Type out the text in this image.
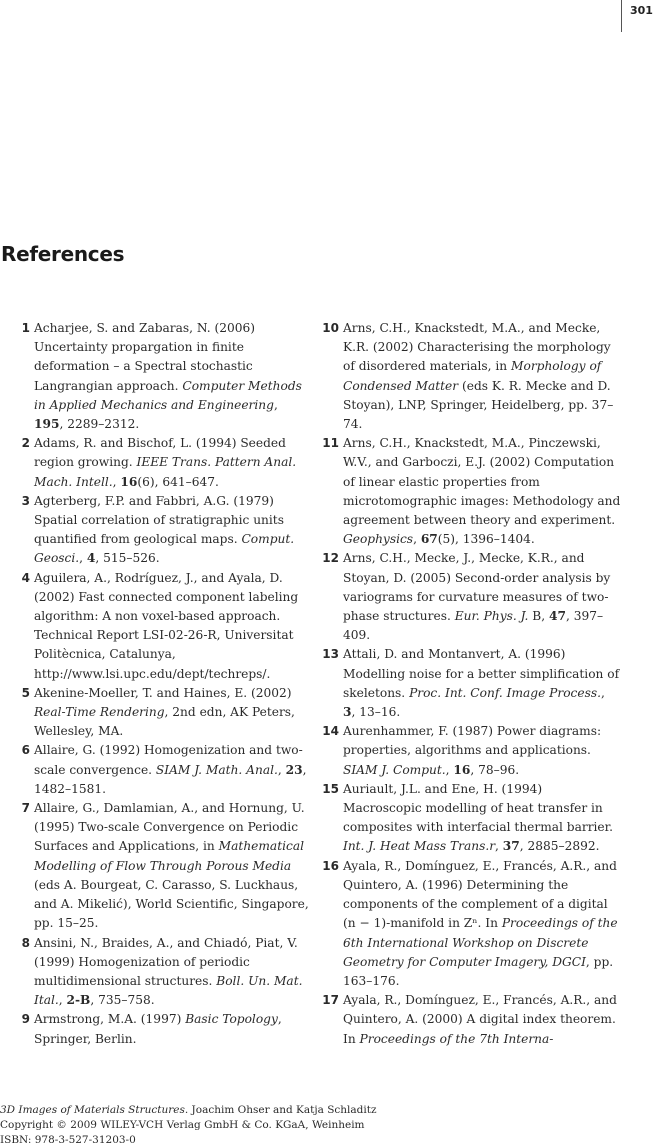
301
References
1 Acharjee, S. and Zabaras, N. (2006) Uncertainty propargation in finite deformation – a Spectral stochastic Langrangian approach. Computer Methods in Applied Mechanics and Engineering, 195, 2289–2312.
2 Adams, R. and Bischof, L. (1994) Seeded region growing. IEEE Trans. Pattern Anal. Mach. Intell., 16(6), 641–647.
3 Agterberg, F.P. and Fabbri, A.G. (1979) Spatial correlation of stratigraphic units quantified from geological maps. Comput. Geosci., 4, 515–526.
4 Aguilera, A., Rodríguez, J., and Ayala, D. (2002) Fast connected component labeling algorithm: A non voxel-based approach. Technical Report LSI-02-26-R, Universitat Politècnica, Catalunya, http://www.lsi.upc.edu/dept/techreps/.
5 Akenine-Moeller, T. and Haines, E. (2002) Real-Time Rendering, 2nd edn, AK Peters, Wellesley, MA.
6 Allaire, G. (1992) Homogenization and two-scale convergence. SIAM J. Math. Anal., 23, 1482–1581.
7 Allaire, G., Damlamian, A., and Hornung, U. (1995) Two-scale Convergence on Periodic Surfaces and Applications, in Mathematical Modelling of Flow Through Porous Media (eds A. Bourgeat, C. Carasso, S. Luckhaus, and A. Mikelić), World Scientific, Singapore, pp. 15–25.
8 Ansini, N., Braides, A., and Chiadó, Piat, V. (1999) Homogenization of periodic multidimensional structures. Boll. Un. Mat. Ital., 2-B, 735–758.
9 Armstrong, M.A. (1997) Basic Topology, Springer, Berlin.
10 Arns, C.H., Knackstedt, M.A., and Mecke, K.R. (2002) Characterising the morphology of disordered materials, in Morphology of Condensed Matter (eds K. R. Mecke and D. Stoyan), LNP, Springer, Heidelberg, pp. 37–74.
11 Arns, C.H., Knackstedt, M.A., Pinczewski, W.V., and Garboczi, E.J. (2002) Computation of linear elastic properties from microtomographic images: Methodology and agreement between theory and experiment. Geophysics, 67(5), 1396–1404.
12 Arns, C.H., Mecke, J., Mecke, K.R., and Stoyan, D. (2005) Second-order analysis by variograms for curvature measures of two-phase structures. Eur. Phys. J. B, 47, 397–409.
13 Attali, D. and Montanvert, A. (1996) Modelling noise for a better simplification of skeletons. Proc. Int. Conf. Image Process., 3, 13–16.
14 Aurenhammer, F. (1987) Power diagrams: properties, algorithms and applications. SIAM J. Comput., 16, 78–96.
15 Auriault, J.L. and Ene, H. (1994) Macroscopic modelling of heat transfer in composites with interfacial thermal barrier. Int. J. Heat Mass Trans.r, 37, 2885–2892.
16 Ayala, R., Domínguez, E., Francés, A.R., and Quintero, A. (1996) Determining the components of the complement of a digital (n − 1)-manifold in Zⁿ. In Proceedings of the 6th International Workshop on Discrete Geometry for Computer Imagery, DGCI, pp. 163–176.
17 Ayala, R., Domínguez, E., Francés, A.R., and Quintero, A. (2000) A digital index theorem. In Proceedings of the 7th Interna-
3D Images of Materials Structures. Joachim Ohser and Katja Schladitz
Copyright © 2009 WILEY-VCH Verlag GmbH & Co. KGaA, Weinheim
ISBN: 978-3-527-31203-0
